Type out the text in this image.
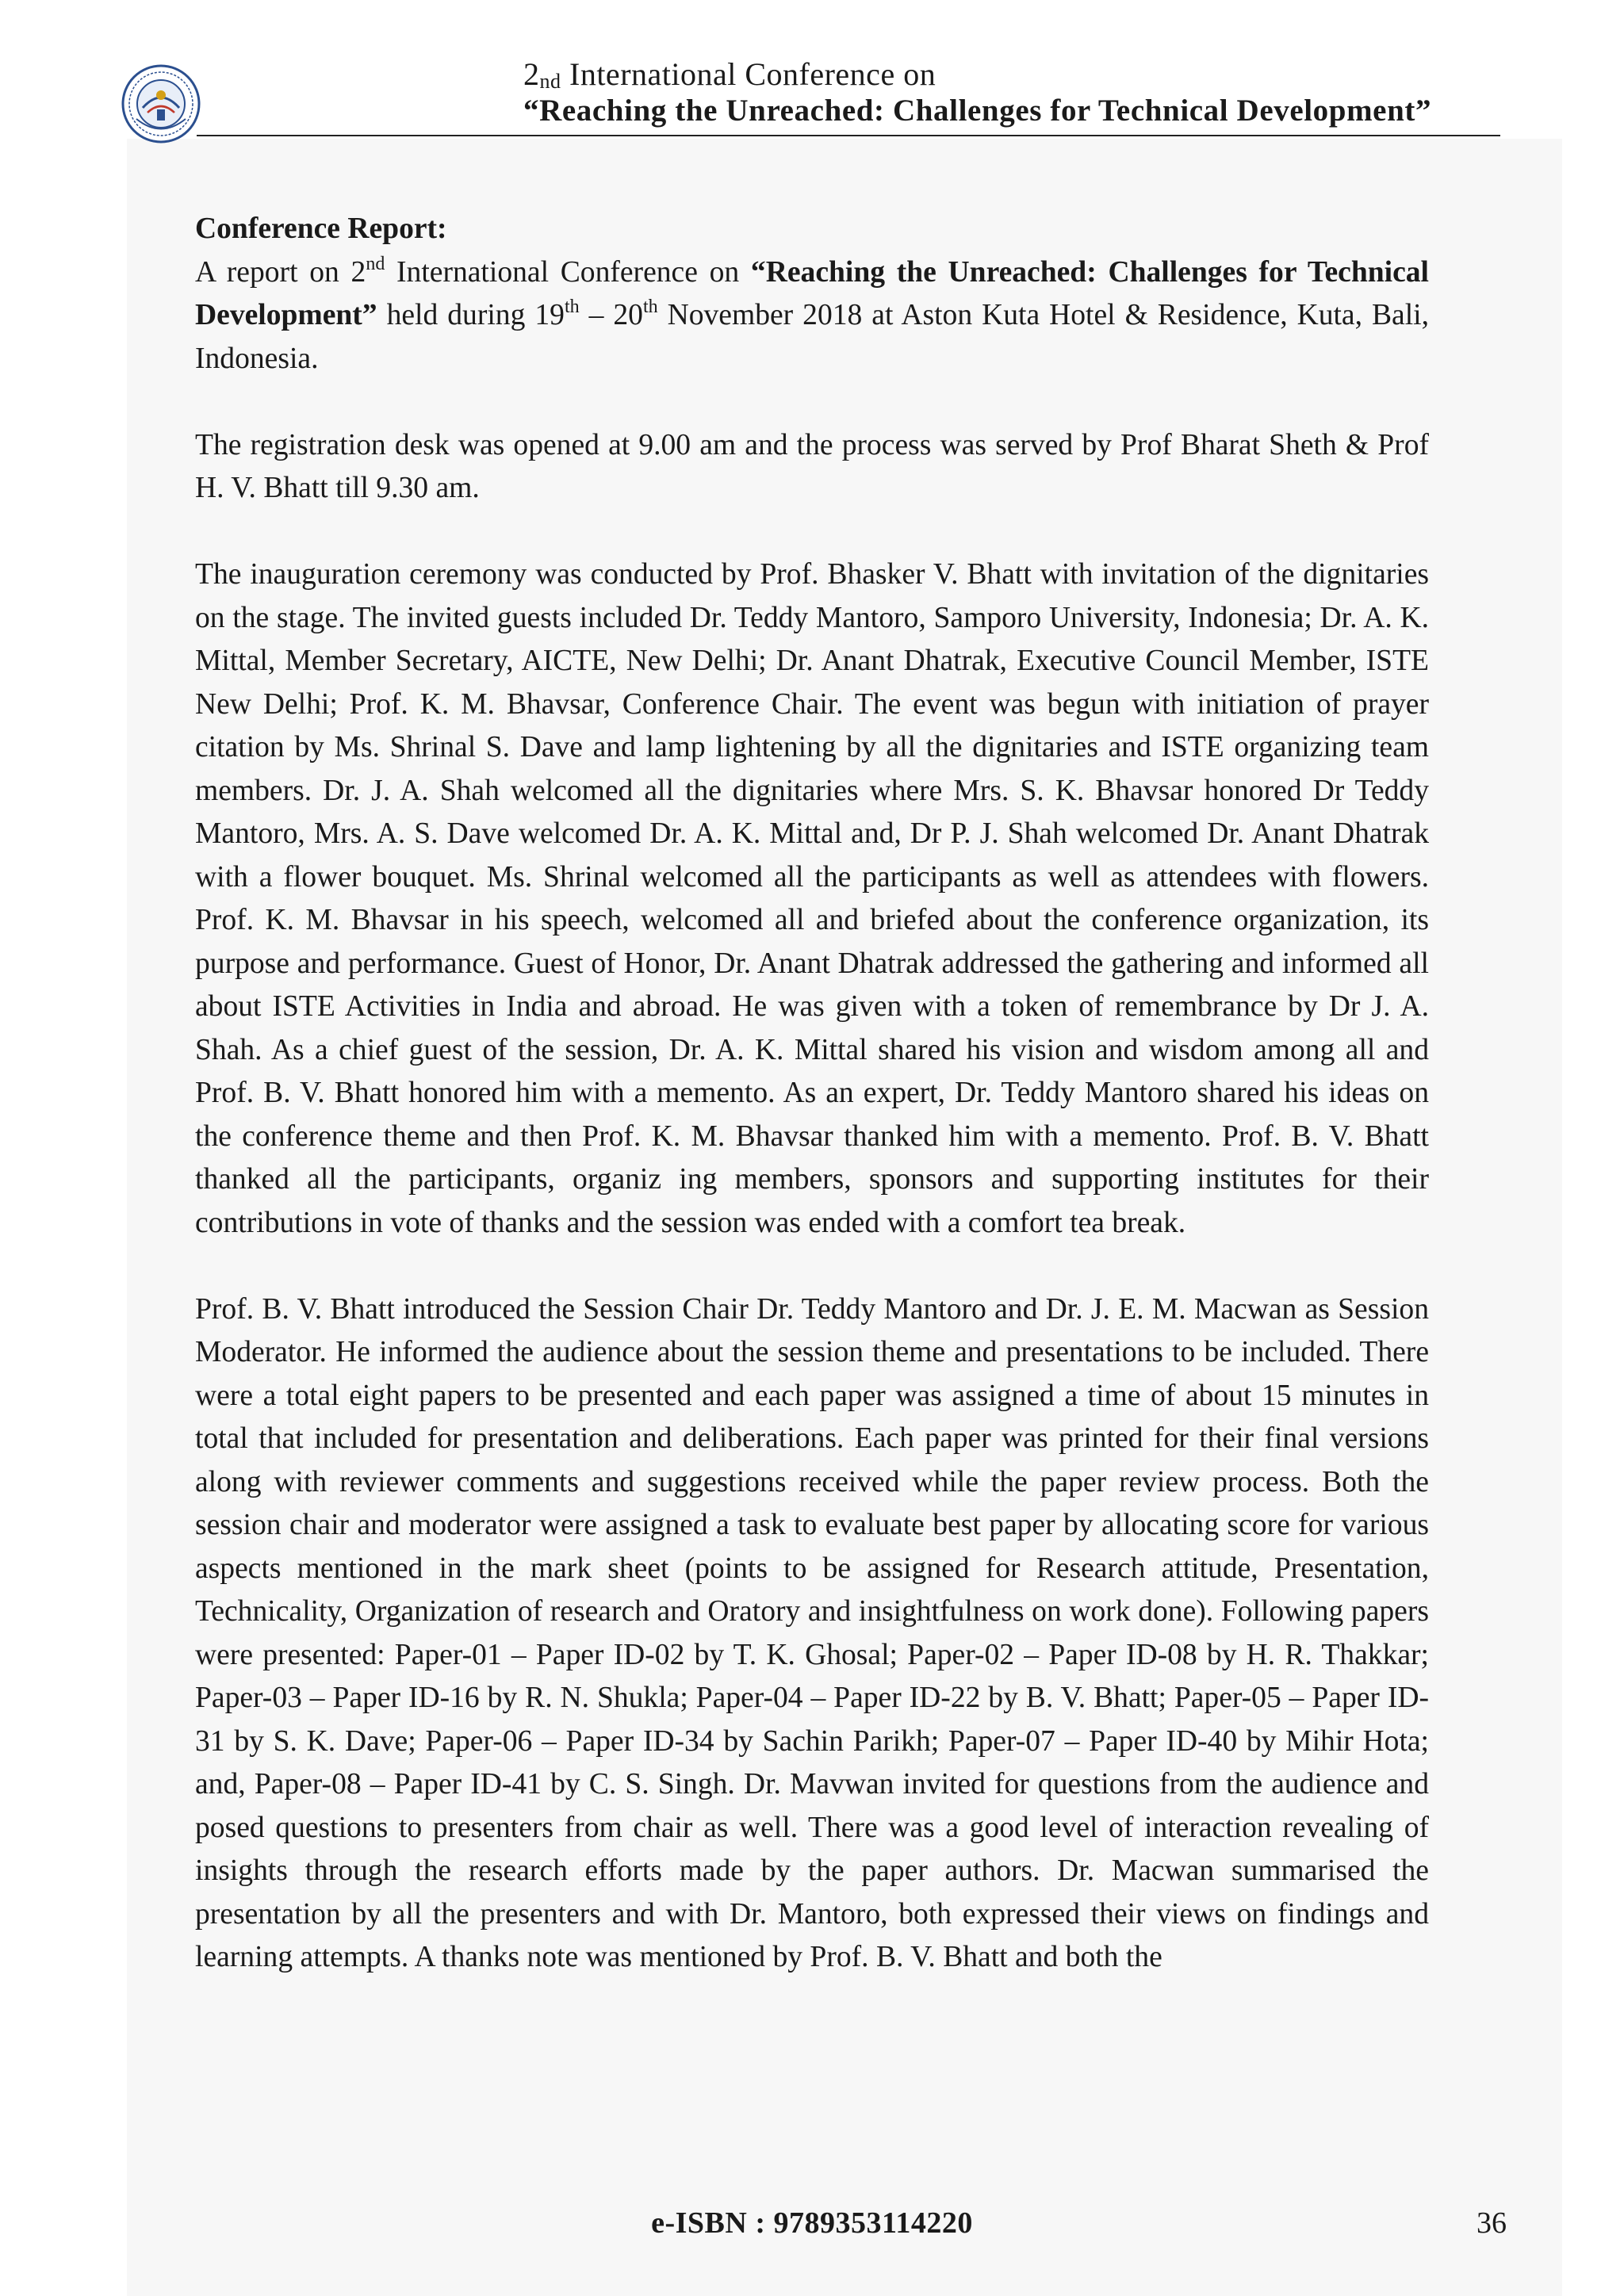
2nd International Conference on
“Reaching the Unreached: Challenges for Technical Development”

Conference Report:

A report on 2nd International Conference on “Reaching the Unreached: Challenges for Technical Development” held during 19th – 20th November 2018 at Aston Kuta Hotel & Residence, Kuta, Bali, Indonesia.

The registration desk was opened at 9.00 am and the process was served by Prof Bharat Sheth & Prof H. V. Bhatt till 9.30 am.

The inauguration ceremony was conducted by Prof. Bhasker V. Bhatt with invitation of the dignitaries on the stage. The invited guests included Dr. Teddy Mantoro, Samporo University, Indonesia; Dr. A. K. Mittal, Member Secretary, AICTE, New Delhi; Dr. Anant Dhatrak, Executive Council Member, ISTE New Delhi; Prof. K. M. Bhavsar, Conference Chair. The event was begun with initiation of prayer citation by Ms. Shrinal S. Dave and lamp lightening by all the dignitaries and ISTE organizing team members. Dr. J. A. Shah welcomed all the dignitaries where Mrs. S. K. Bhavsar honored Dr Teddy Mantoro, Mrs. A. S. Dave welcomed Dr. A. K. Mittal and, Dr P. J. Shah welcomed Dr. Anant Dhatrak with a flower bouquet. Ms. Shrinal welcomed all the participants as well as attendees with flowers. Prof. K. M. Bhavsar in his speech, welcomed all and briefed about the conference organization, its purpose and performance. Guest of Honor, Dr. Anant Dhatrak addressed the gathering and informed all about ISTE Activities in India and abroad. He was given with a token of remembrance by Dr J. A. Shah. As a chief guest of the session, Dr. A. K. Mittal shared his vision and wisdom among all and Prof. B. V. Bhatt honored him with a memento. As an expert, Dr. Teddy Mantoro shared his ideas on the conference theme and then Prof. K. M. Bhavsar thanked him with a memento. Prof. B. V. Bhatt thanked all the participants, organiz ing members, sponsors and supporting institutes for their contributions in vote of thanks and the session was ended with a comfort tea break.

Prof. B. V. Bhatt introduced the Session Chair Dr. Teddy Mantoro and Dr. J. E. M. Macwan as Session Moderator. He informed the audience about the session theme and presentations to be included. There were a total eight papers to be presented and each paper was assigned a time of about 15 minutes in total that included for presentation and deliberations. Each paper was printed for their final versions along with reviewer comments and suggestions received while the paper review process. Both the session chair and moderator were assigned a task to evaluate best paper by allocating score for various aspects mentioned in the mark sheet (points to be assigned for Research attitude, Presentation, Technicality, Organization of research and Oratory and insightfulness on work done). Following papers were presented: Paper-01 – Paper ID-02 by T. K. Ghosal; Paper-02 – Paper ID-08 by H. R. Thakkar; Paper-03 – Paper ID-16 by R. N. Shukla; Paper-04 – Paper ID-22 by B. V. Bhatt; Paper-05 – Paper ID-31 by S. K. Dave; Paper-06 – Paper ID-34 by Sachin Parikh; Paper-07 – Paper ID-40 by Mihir Hota; and, Paper-08 – Paper ID-41 by C. S. Singh. Dr. Mavwan invited for questions from the audience and posed questions to presenters from chair as well. There was a good level of interaction revealing of insights through the research efforts made by the paper authors. Dr. Macwan summarised the presentation by all the presenters and with Dr. Mantoro, both expressed their views on findings and learning attempts. A thanks note was mentioned by Prof. B. V. Bhatt and both the

e-ISBN : 9789353114220	36
